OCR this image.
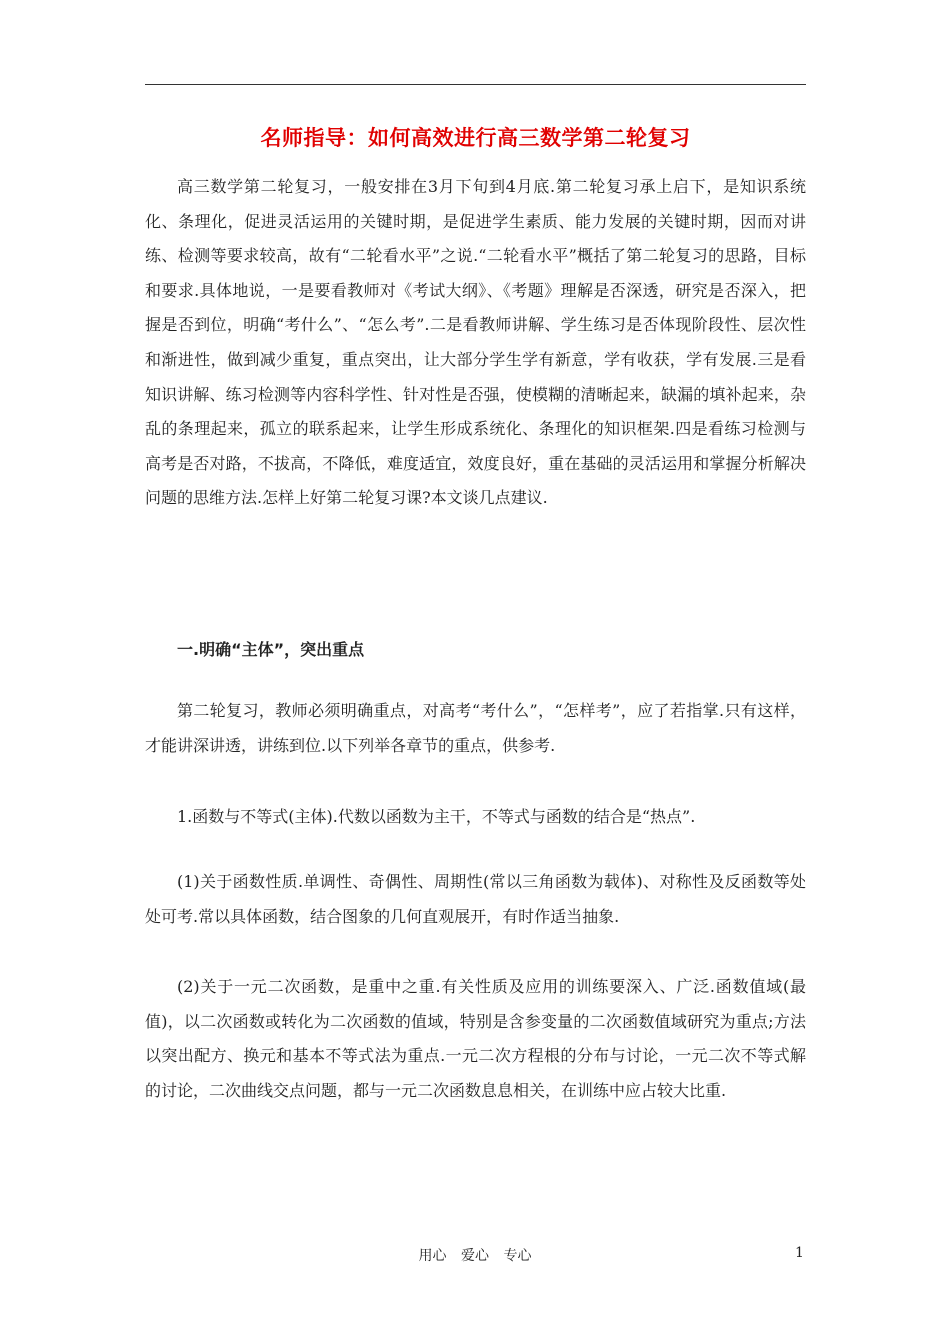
名师指导：如何高效进行高三数学第二轮复习

高三数学第二轮复习，一般安排在3月下旬到4月底.第二轮复习承上启下，是知识系统化、条理化，促进灵活运用的关键时期，是促进学生素质、能力发展的关键时期，因而对讲练、检测等要求较高，故有“二轮看水平”之说.“二轮看水平”概括了第二轮复习的思路，目标和要求.具体地说，一是要看教师对《考试大纲》、《考题》理解是否深透，研究是否深入，把握是否到位，明确“考什么”、“怎么考”.二是看教师讲解、学生练习是否体现阶段性、层次性和渐进性，做到减少重复，重点突出，让大部分学生学有新意，学有收获，学有发展.三是看知识讲解、练习检测等内容科学性、针对性是否强，使模糊的清晰起来，缺漏的填补起来，杂乱的条理起来，孤立的联系起来，让学生形成系统化、条理化的知识框架.四是看练习检测与高考是否对路，不拔高，不降低，难度适宜，效度良好，重在基础的灵活运用和掌握分析解决问题的思维方法.怎样上好第二轮复习课?本文谈几点建议.

一.明确“主体”，突出重点

第二轮复习，教师必须明确重点，对高考“考什么”，“怎样考”，应了若指掌.只有这样，才能讲深讲透，讲练到位.以下列举各章节的重点，供参考.

1.函数与不等式(主体).代数以函数为主干，不等式与函数的结合是“热点”.

(1)关于函数性质.单调性、奇偶性、周期性(常以三角函数为载体)、对称性及反函数等处处可考.常以具体函数，结合图象的几何直观展开，有时作适当抽象.

(2)关于一元二次函数，是重中之重.有关性质及应用的训练要深入、广泛.函数值域(最值)，以二次函数或转化为二次函数的值域，特别是含参变量的二次函数值域研究为重点;方法以突出配方、换元和基本不等式法为重点.一元二次方程根的分布与讨论，一元二次不等式解的讨论，二次曲线交点问题，都与一元二次函数息息相关，在训练中应占较大比重.

用心 爱心 专心	1
